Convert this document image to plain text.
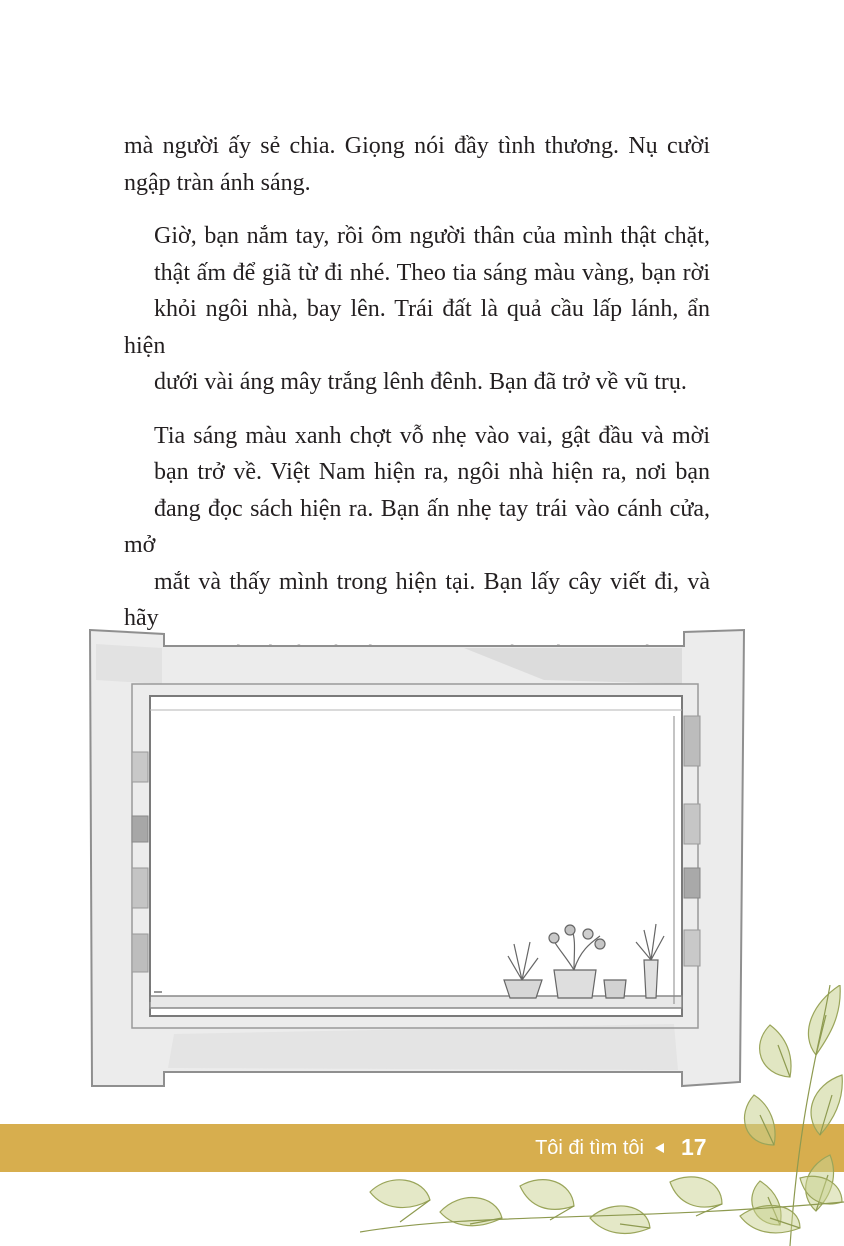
mà người ấy sẻ chia. Giọng nói đầy tình thương. Nụ cười
ngập tràn ánh sáng.

Giờ, bạn nắm tay, rồi ôm người thân của mình thật chặt,
thật ấm để giã từ đi nhé. Theo tia sáng màu vàng, bạn rời
khỏi ngôi nhà, bay lên. Trái đất là quả cầu lấp lánh, ẩn hiện
dưới vài áng mây trắng lênh đênh. Bạn đã trở về vũ trụ.

Tia sáng màu xanh chợt vỗ nhẹ vào vai, gật đầu và mời
bạn trở về. Việt Nam hiện ra, ngôi nhà hiện ra, nơi bạn
đang đọc sách hiện ra. Bạn ấn nhẹ tay trái vào cánh cửa, mở
mắt và thấy mình trong hiện tại. Bạn lấy cây viết đi, và hãy

Tôi đi tìm tôi 17
